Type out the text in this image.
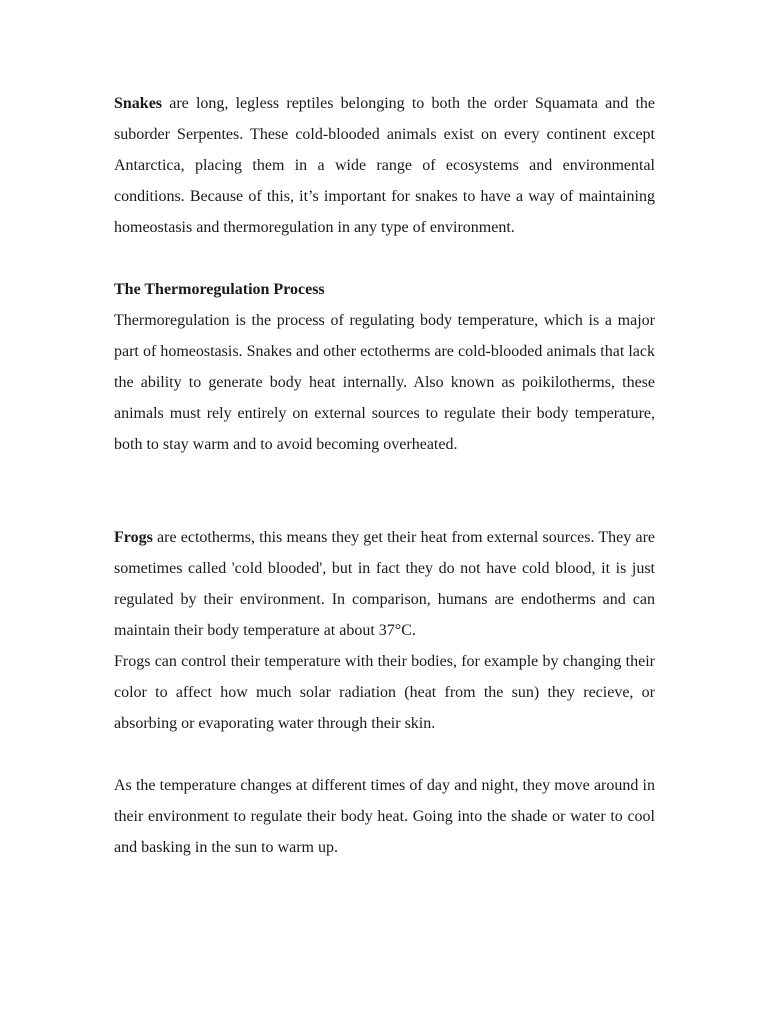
Snakes are long, legless reptiles belonging to both the order Squamata and the suborder Serpentes. These cold-blooded animals exist on every continent except Antarctica, placing them in a wide range of ecosystems and environmental conditions. Because of this, it’s important for snakes to have a way of maintaining homeostasis and thermoregulation in any type of environment.

The Thermoregulation Process

Thermoregulation is the process of regulating body temperature, which is a major part of homeostasis. Snakes and other ectotherms are cold-blooded animals that lack the ability to generate body heat internally. Also known as poikilotherms, these animals must rely entirely on external sources to regulate their body temperature, both to stay warm and to avoid becoming overheated.

Frogs are ectotherms, this means they get their heat from external sources. They are sometimes called 'cold blooded', but in fact they do not have cold blood, it is just regulated by their environment. In comparison, humans are endotherms and can maintain their body temperature at about 37°C.

Frogs can control their temperature with their bodies, for example by changing their color to affect how much solar radiation (heat from the sun) they recieve, or absorbing or evaporating water through their skin.

As the temperature changes at different times of day and night, they move around in their environment to regulate their body heat. Going into the shade or water to cool and basking in the sun to warm up.
